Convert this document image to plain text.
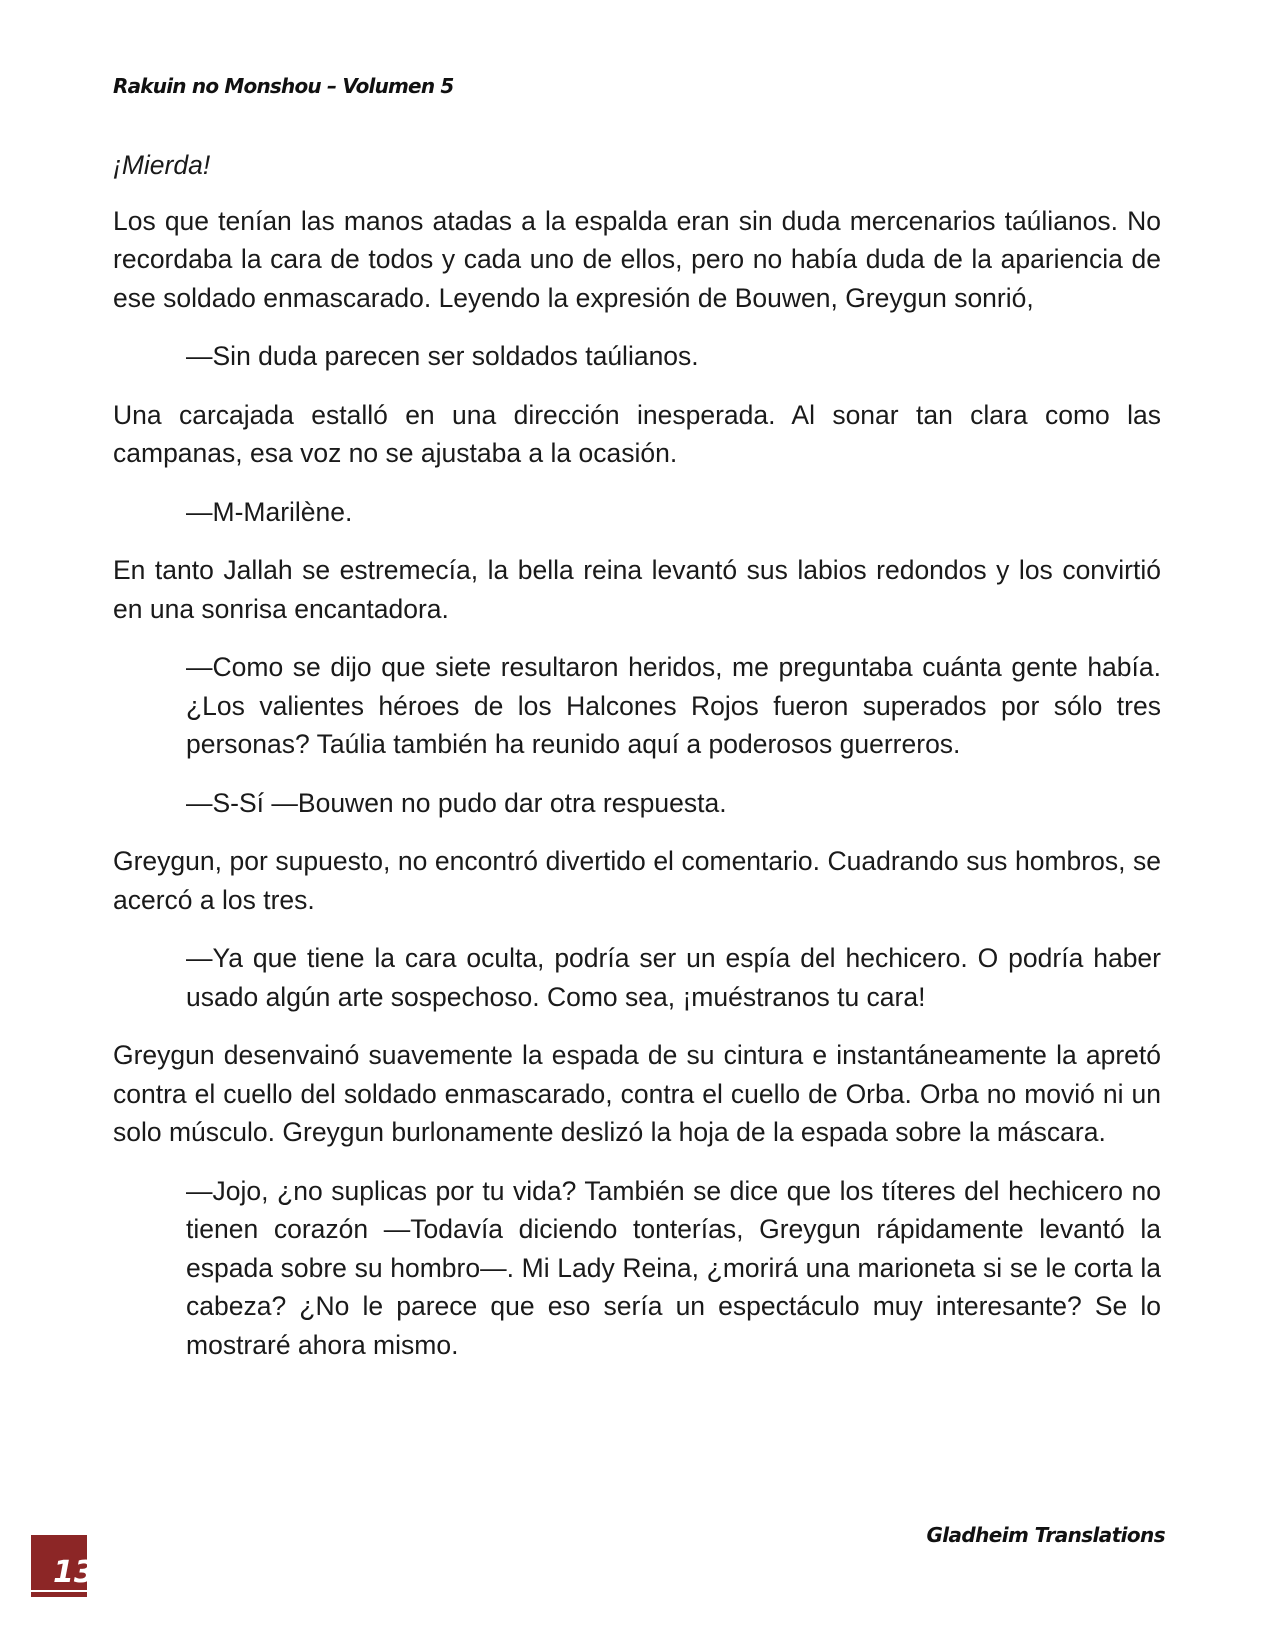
Rakuin no Monshou – Volumen 5

¡Mierda!

Los que tenían las manos atadas a la espalda eran sin duda mercenarios taúlianos. No recordaba la cara de todos y cada uno de ellos, pero no había duda de la apariencia de ese soldado enmascarado. Leyendo la expresión de Bouwen, Greygun sonrió,

—Sin duda parecen ser soldados taúlianos.

Una carcajada estalló en una dirección inesperada. Al sonar tan clara como las campanas, esa voz no se ajustaba a la ocasión.

—M-Marilène.

En tanto Jallah se estremecía, la bella reina levantó sus labios redondos y los convirtió en una sonrisa encantadora.

—Como se dijo que siete resultaron heridos, me preguntaba cuánta gente había. ¿Los valientes héroes de los Halcones Rojos fueron superados por sólo tres personas? Taúlia también ha reunido aquí a poderosos guerreros.

—S-Sí —Bouwen no pudo dar otra respuesta.

Greygun, por supuesto, no encontró divertido el comentario. Cuadrando sus hombros, se acercó a los tres.

—Ya que tiene la cara oculta, podría ser un espía del hechicero. O podría haber usado algún arte sospechoso. Como sea, ¡muéstranos tu cara!

Greygun desenvainó suavemente la espada de su cintura e instantáneamente la apretó contra el cuello del soldado enmascarado, contra el cuello de Orba. Orba no movió ni un solo músculo. Greygun burlonamente deslizó la hoja de la espada sobre la máscara.

—Jojo, ¿no suplicas por tu vida? También se dice que los títeres del hechicero no tienen corazón —Todavía diciendo tonterías, Greygun rápidamente levantó la espada sobre su hombro—. Mi Lady Reina, ¿morirá una marioneta si se le corta la cabeza? ¿No le parece que eso sería un espectáculo muy interesante? Se lo mostraré ahora mismo.

Gladheim Translations
13
